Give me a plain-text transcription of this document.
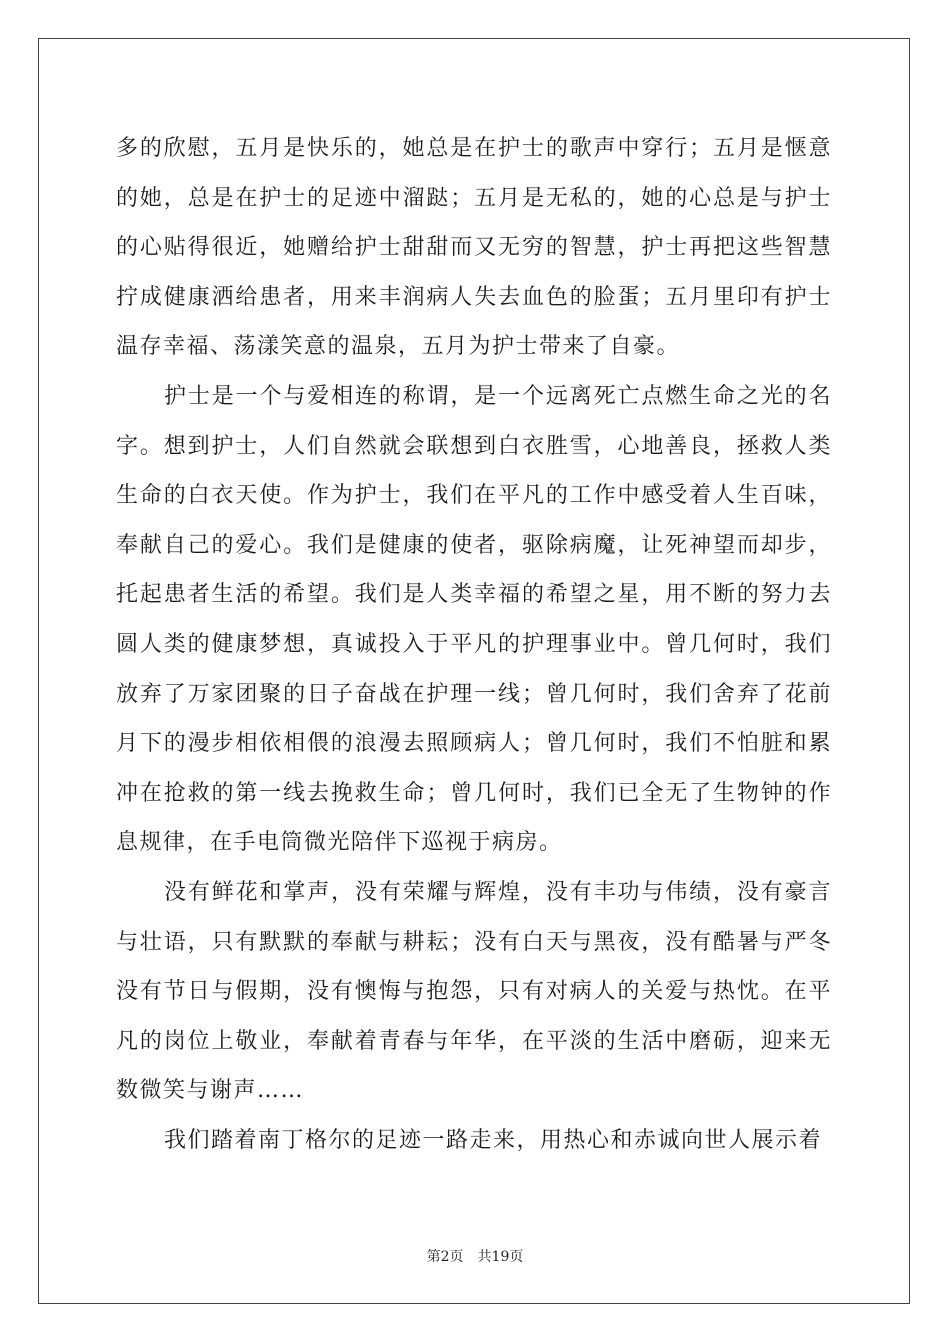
多的欣慰，五月是快乐的，她总是在护士的歌声中穿行；五月是惬意的她，总是在护士的足迹中溜跶；五月是无私的，她的心总是与护士的心贴得很近，她赠给护士甜甜而又无穷的智慧，护士再把这些智慧拧成健康洒给患者，用来丰润病人失去血色的脸蛋；五月里印有护士温存幸福、荡漾笑意的温泉，五月为护士带来了自豪。

护士是一个与爱相连的称谓，是一个远离死亡点燃生命之光的名字。想到护士，人们自然就会联想到白衣胜雪，心地善良，拯救人类生命的白衣天使。作为护士，我们在平凡的工作中感受着人生百味，奉献自己的爱心。我们是健康的使者，驱除病魔，让死神望而却步，托起患者生活的希望。我们是人类幸福的希望之星，用不断的努力去圆人类的健康梦想，真诚投入于平凡的护理事业中。曾几何时，我们放弃了万家团聚的日子奋战在护理一线；曾几何时，我们舍弃了花前月下的漫步相依相偎的浪漫去照顾病人；曾几何时，我们不怕脏和累冲在抢救的第一线去挽救生命；曾几何时，我们已全无了生物钟的作息规律，在手电筒微光陪伴下巡视于病房。

没有鲜花和掌声，没有荣耀与辉煌，没有丰功与伟绩，没有豪言与壮语，只有默默的奉献与耕耘；没有白天与黑夜，没有酷暑与严冬没有节日与假期，没有懊悔与抱怨，只有对病人的关爱与热忱。在平凡的岗位上敬业，奉献着青春与年华，在平淡的生活中磨砺，迎来无数微笑与谢声……

我们踏着南丁格尔的足迹一路走来，用热心和赤诚向世人展示着

第2页 共19页
